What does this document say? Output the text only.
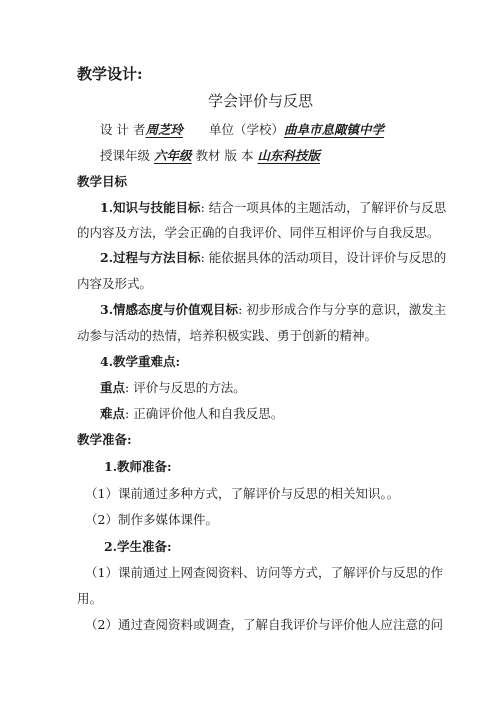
教学设计:
学会评价与反思
设 计 者周芝玲 单位（学校）曲阜市息陬镇中学
授课年级 六年级 教材 版 本 山东科技版
教学目标
1.知识与技能目标: 结合一项具体的主题活动，了解评价与反思
的内容及方法，学会正确的自我评价、同伴互相评价与自我反思。
2.过程与方法目标: 能依据具体的活动项目，设计评价与反思的
内容及形式。
3.情感态度与价值观目标: 初步形成合作与分享的意识，激发主
动参与活动的热情，培养积极实践、勇于创新的精神。
4.教学重难点:
重点: 评价与反思的方法。
难点: 正确评价他人和自我反思。
教学准备:
1.教师准备:
（1）课前通过多种方式，了解评价与反思的相关知识。。
（2）制作多媒体课件。
2.学生准备:
（1）课前通过上网查阅资料、访问等方式，了解评价与反思的作
用。
（2）通过查阅资料或调查，了解自我评价与评价他人应注意的问
